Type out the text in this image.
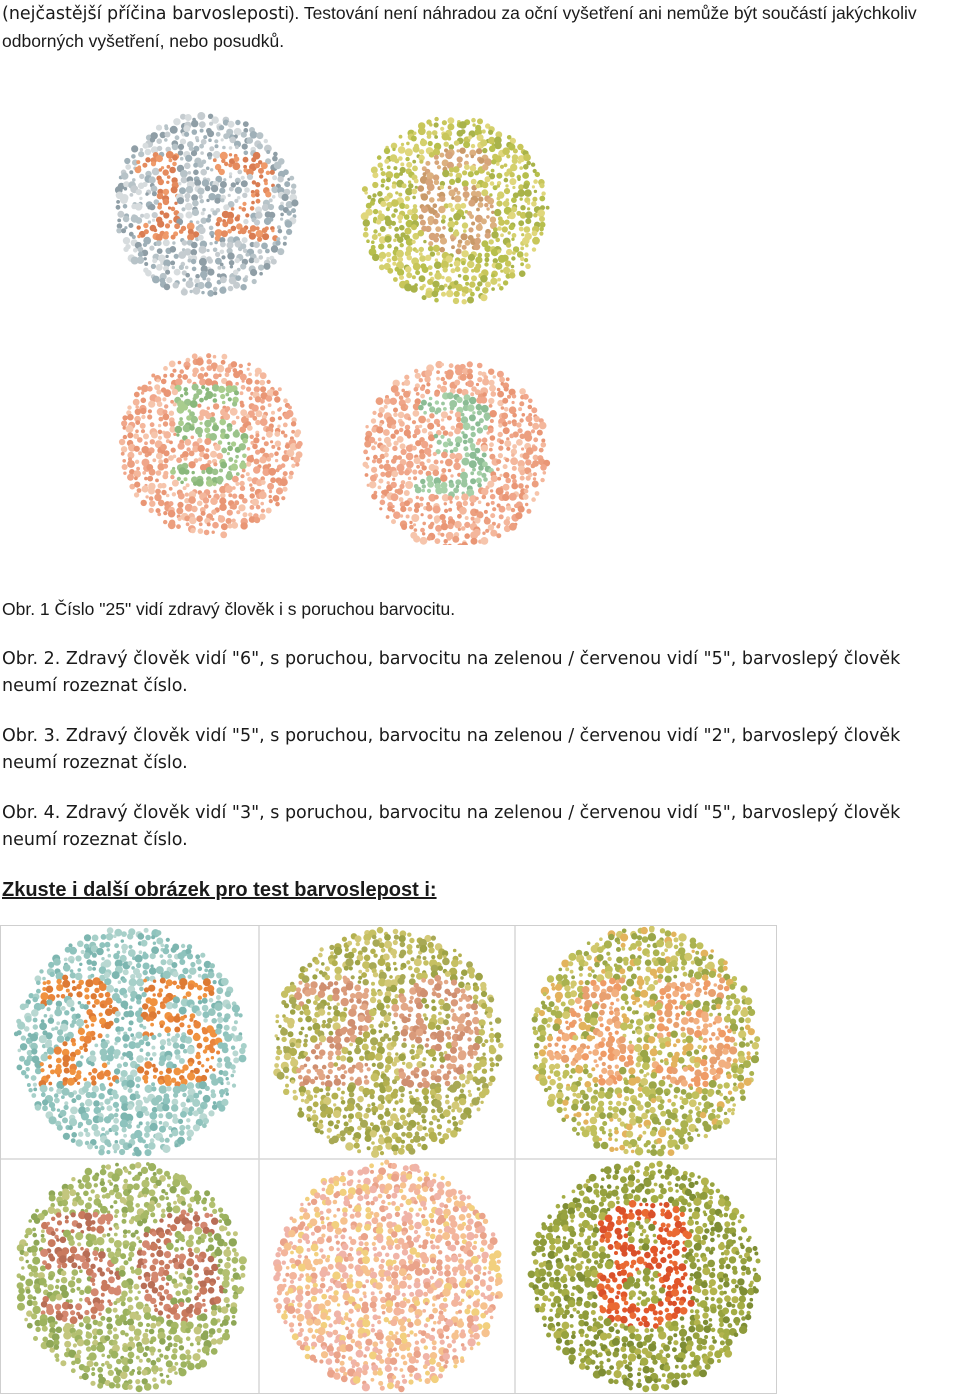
(nejčastější příčina barvosleposti). Testování není náhradou za oční vyšetření ani nemůže být součástí jakýchkoliv odborných vyšetření, nebo posudků.

Obr. 1 Číslo "25" vidí zdravý člověk i s poruchou barvocitu.

Obr. 2. Zdravý člověk vidí "6", s poruchou, barvocitu na zelenou / červenou vidí "5", barvoslepý člověk neumí rozeznat číslo.

Obr. 3. Zdravý člověk vidí "5", s poruchou, barvocitu na zelenou / červenou vidí "2", barvoslepý člověk neumí rozeznat číslo.

Obr. 4. Zdravý člověk vidí "3", s poruchou, barvocitu na zelenou / červenou vidí "5", barvoslepý člověk neumí rozeznat číslo.

Zkuste i další obrázek pro test barvoslepost i:
